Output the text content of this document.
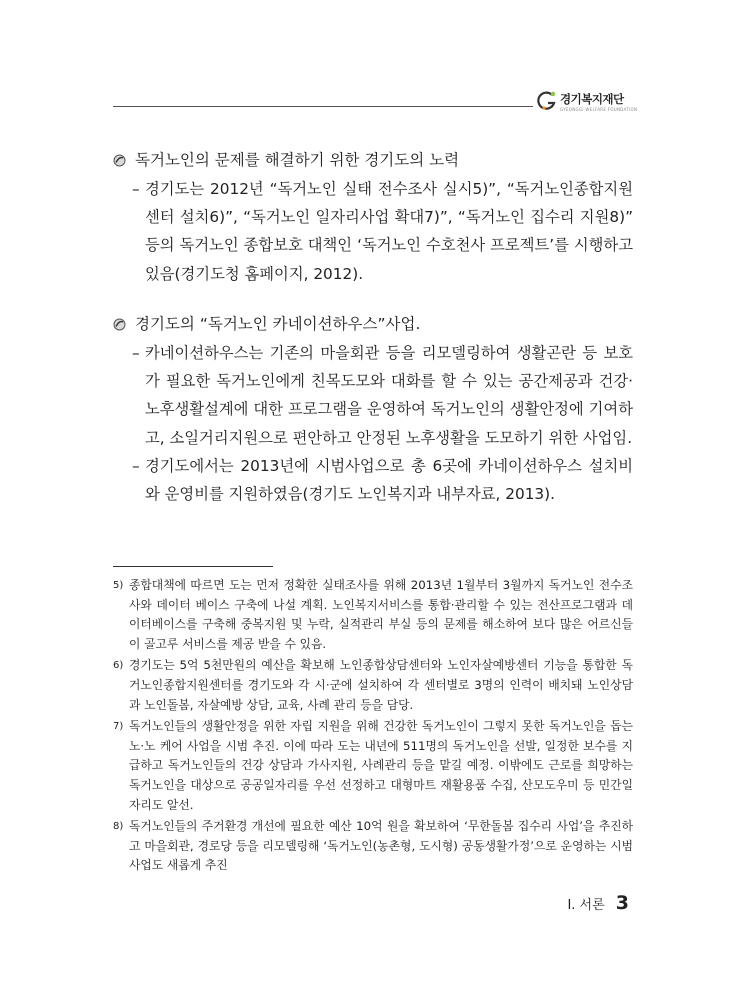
경기복지재단
GYEONGGI WELFARE FOUNDATION
독거노인의 문제를 해결하기 위한 경기도의 노력
– 경기도는 2012년 “독거노인 실태 전수조사 실시5)”, “독거노인종합지원센터 설치6)”, “독거노인 일자리사업 확대7)”, “독거노인 집수리 지원8)” 등의 독거노인 종합보호 대책인 ‘독거노인 수호천사 프로젝트’를 시행하고 있음(경기도청 홈페이지, 2012).
경기도의 “독거노인 카네이션하우스”사업.
– 카네이션하우스는 기존의 마을회관 등을 리모델링하여 생활곤란 등 보호가 필요한 독거노인에게 친목도모와 대화를 할 수 있는 공간제공과 건강·노후생활설계에 대한 프로그램을 운영하여 독거노인의 생활안정에 기여하고, 소일거리지원으로 편안하고 안정된 노후생활을 도모하기 위한 사업임.
– 경기도에서는 2013년에 시범사업으로 총 6곳에 카네이션하우스 설치비와 운영비를 지원하였음(경기도 노인복지과 내부자료, 2013).
5) 종합대책에 따르면 도는 먼저 정확한 실태조사를 위해 2013년 1월부터 3월까지 독거노인 전수조사와 데이터 베이스 구축에 나설 계획. 노인복지서비스를 통합·관리할 수 있는 전산프로그램과 데이터베이스를 구축해 중복지원 및 누락, 실적관리 부실 등의 문제를 해소하여 보다 많은 어르신들이 골고루 서비스를 제공 받을 수 있음.
6) 경기도는 5억 5천만원의 예산을 확보해 노인종합상담센터와 노인자살예방센터 기능을 통합한 독거노인종합지원센터를 경기도와 각 시·군에 설치하여 각 센터별로 3명의 인력이 배치돼 노인상담과 노인돌봄, 자살예방 상담, 교육, 사례 관리 등을 담당.
7) 독거노인들의 생활안정을 위한 자립 지원을 위해 건강한 독거노인이 그렇지 못한 독거노인을 돕는 노·노 케어 사업을 시범 추진. 이에 따라 도는 내년에 511명의 독거노인을 선발, 일정한 보수를 지급하고 독거노인들의 건강 상담과 가사지원, 사례관리 등을 맡길 예정. 이밖에도 근로를 희망하는 독거노인을 대상으로 공공일자리를 우선 선정하고 대형마트 재활용품 수집, 산모도우미 등 민간일자리도 알선.
8) 독거노인들의 주거환경 개선에 필요한 예산 10억 원을 확보하여 ‘무한돌봄 집수리 사업’을 추진하고 마을회관, 경로당 등을 리모델링해 ‘독거노인(농촌형, 도시형) 공동생활가정’으로 운영하는 시범사업도 새롭게 추진
Ⅰ. 서론 3
